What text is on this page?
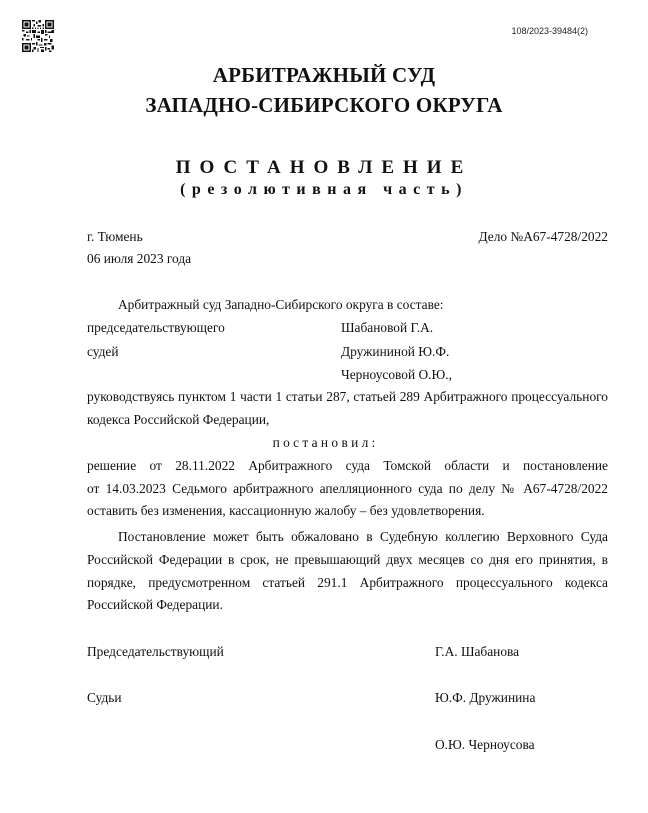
108/2023-39484(2)
АРБИТРАЖНЫЙ СУД
ЗАПАДНО-СИБИРСКОГО ОКРУГА
ПОСТАНОВЛЕНИЕ
(резолютивная часть)
г. Тюмень	Дело №А67-4728/2022
06 июля 2023 года
Арбитражный суд Западно-Сибирского округа в составе:
председательствующего	Шабановой Г.А.
судей	Дружининой Ю.Ф.
Черноусовой О.Ю.,
руководствуясь пунктом 1 части 1 статьи 287, статьей 289 Арбитражного процессуального
кодекса Российской Федерации,
п о с т а н о в и л :
решение от 28.11.2022 Арбитражного суда Томской области и постановление
от 14.03.2023 Седьмого арбитражного апелляционного суда по делу № А67-4728/2022
оставить без изменения, кассационную жалобу – без удовлетворения.
Постановление может быть обжаловано в Судебную коллегию Верховного Суда
Российской Федерации в срок, не превышающий двух месяцев со дня его принятия, в
порядке, предусмотренном статьей 291.1 Арбитражного процессуального кодекса
Российской Федерации.
Председательствующий	Г.А. Шабанова
Судьи	Ю.Ф. Дружинина
О.Ю. Черноусова
